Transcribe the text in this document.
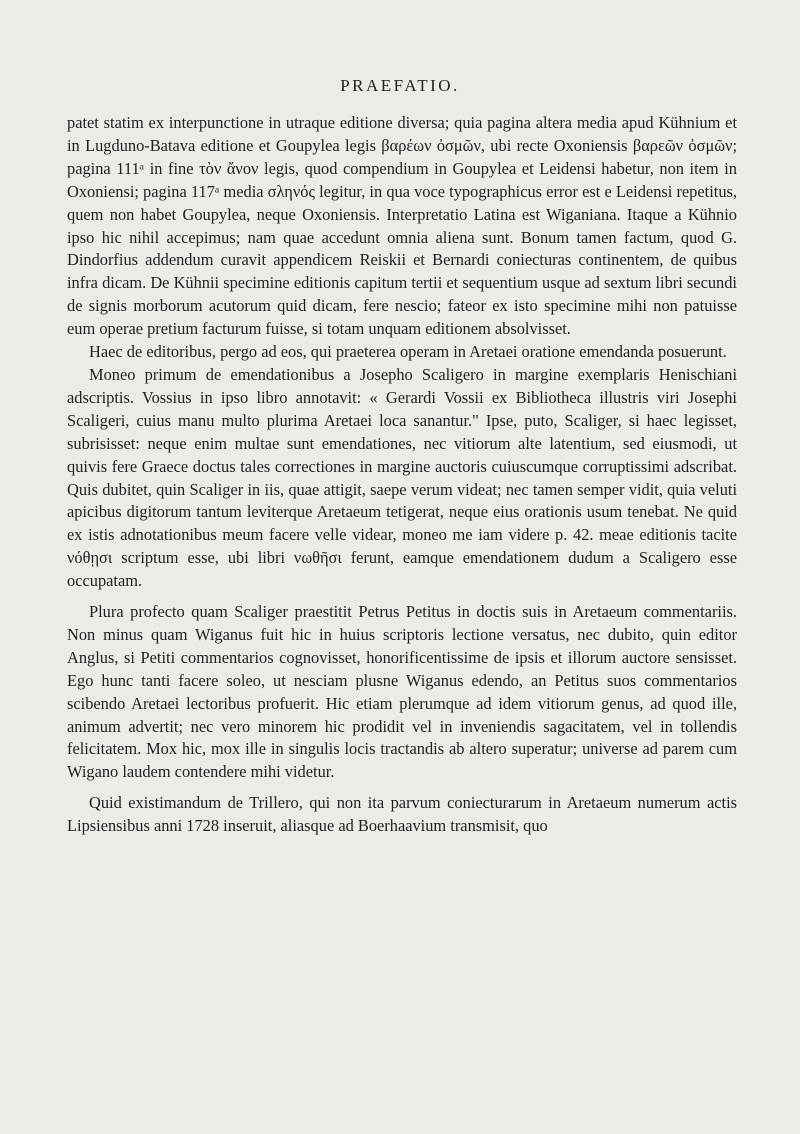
PRAEFATIO.

patet statim ex interpunctione in utraque editione diversa; quia pagina altera media apud Kühnium et in Lugduno-Batava editione et Goupylea legis βαρέων ὀσμῶν, ubi recte Oxoniensis βαρεῶν ὀσμῶν; pagina 111ᵃ in fine τὸν ἄνον legis, quod compendium in Goupylea et Leidensi habetur, non item in Oxoniensi; pagina 117ᵃ media σληνός legitur, in qua voce typographicus error est e Leidensi repetitus, quem non habet Goupylea, neque Oxoniensis. Interpretatio Latina est Wiganiana. Itaque a Kühnio ipso hic nihil accepimus; nam quae accedunt omnia aliena sunt. Bonum tamen factum, quod G. Dindorfius addendum curavit appendicem Reiskii et Bernardi coniecturas continentem, de quibus infra dicam. De Kühnii specimine editionis capitum tertii et sequentium usque ad sextum libri secundi de signis morborum acutorum quid dicam, fere nescio; fateor ex isto specimine mihi non patuisse eum operae pretium facturum fuisse, si totam unquam editionem absolvisset.

Haec de editoribus, pergo ad eos, qui praeterea operam in Aretaei oratione emendanda posuerunt.

Moneo primum de emendationibus a Josepho Scaligero in margine exemplaris Henischiani adscriptis. Vossius in ipso libro annotavit: « Gerardi Vossii ex Bibliotheca illustris viri Josephi Scaligeri, cuius manu multo plurima Aretaei loca sanantur." Ipse, puto, Scaliger, si haec legisset, subrisisset: neque enim multae sunt emendationes, nec vitiorum alte latentium, sed eiusmodi, ut quivis fere Graece doctus tales correctiones in margine auctoris cuiuscumque corruptissimi adscribat. Quis dubitet, quin Scaliger in iis, quae attigit, saepe verum videat; nec tamen semper vidit, quia veluti apicibus digitorum tantum leviterque Aretaeum tetigerat, neque eius orationis usum tenebat. Ne quid ex istis adnotationibus meum facere velle videar, moneo me iam videre p. 42. meae editionis tacite νόθῃσι scriptum esse, ubi libri νωθῆσι ferunt, eamque emendationem dudum a Scaligero esse occupatam.

Plura profecto quam Scaliger praestitit Petrus Petitus in doctis suis in Aretaeum commentariis. Non minus quam Wiganus fuit hic in huius scriptoris lectione versatus, nec dubito, quin editor Anglus, si Petiti commentarios cognovisset, honorificentissime de ipsis et illorum auctore sensisset. Ego hunc tanti facere soleo, ut nesciam plusne Wiganus edendo, an Petitus suos commentarios scibendo Aretaei lectoribus profuerit. Hic etiam plerumque ad idem vitiorum genus, ad quod ille, animum advertit; nec vero minorem hic prodidit vel in inveniendis sagacitatem, vel in tollendis felicitatem. Mox hic, mox ille in singulis locis tractandis ab altero superatur; universe ad parem cum Wigano laudem contendere mihi videtur.

Quid existimandum de Trillero, qui non ita parvum coniecturarum in Aretaeum numerum actis Lipsiensibus anni 1728 inseruit, aliasque ad Boerhaavium transmisit, quo
